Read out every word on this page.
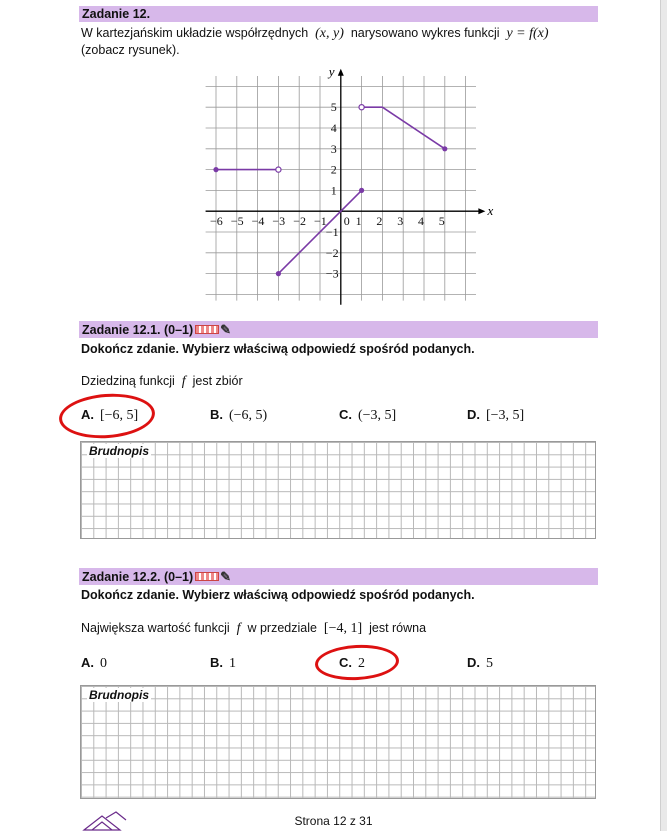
Zadanie 12.
W kartezjańskim układzie współrzędnych (x, y) narysowano wykres funkcji y = f(x)
(zobacz rysunek).
x
y
−6 −5 −4 −3 −2 −1 0 1 2 3 4 5
−3
−2
−1
1
2
3
4
5
Zadanie 12.1. (0–1) ✎
Dokończ zdanie. Wybierz właściwą odpowiedź spośród podanych.
Dziedziną funkcji f jest zbiór
A. [−6, 5]	B. (−6, 5)	C. (−3, 5]	D. [−3, 5]
Brudnopis
Zadanie 12.2. (0–1) ✎
Dokończ zdanie. Wybierz właściwą odpowiedź spośród podanych.
Największa wartość funkcji f w przedziale [−4, 1] jest równa
A. 0	B. 1	C. 2	D. 5
Brudnopis
Strona 12 z 31
